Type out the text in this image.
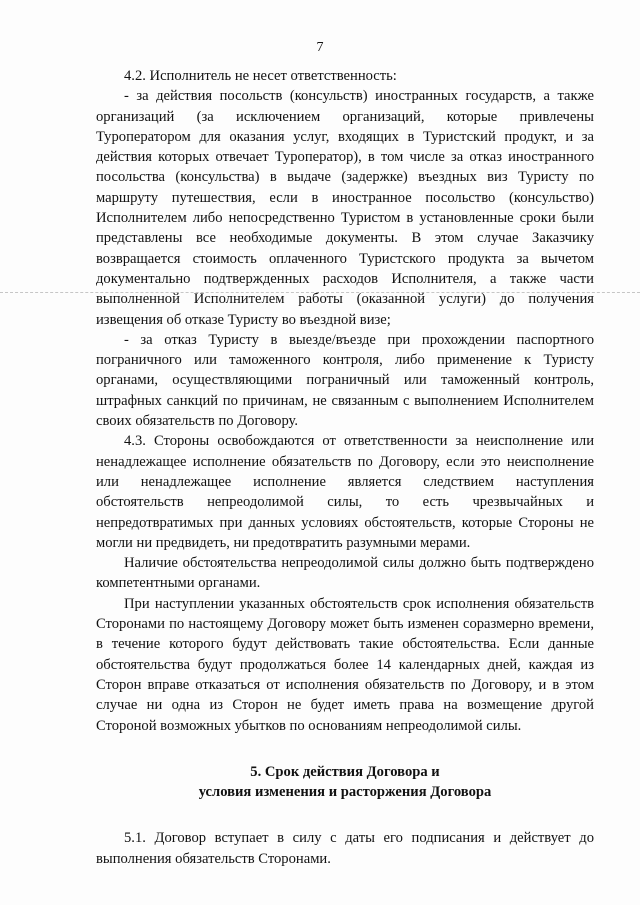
7

4.2. Исполнитель не несет ответственность:

- за действия посольств (консульств) иностранных государств, а также организаций (за исключением организаций, которые привлечены Туроператором для оказания услуг, входящих в Туристский продукт, и за действия которых отвечает Туроператор), в том числе за отказ иностранного посольства (консульства) в выдаче (задержке) въездных виз Туристу по маршруту путешествия, если в иностранное посольство (консульство) Исполнителем либо непосредственно Туристом в установленные сроки были представлены все необходимые документы. В этом случае Заказчику возвращается стоимость оплаченного Туристского продукта за вычетом документально подтвержденных расходов Исполнителя, а также части выполненной Исполнителем работы (оказанной услуги) до получения извещения об отказе Туристу во въездной визе;

- за отказ Туристу в выезде/въезде при прохождении паспортного пограничного или таможенного контроля, либо применение к Туристу органами, осуществляющими пограничный или таможенный контроль, штрафных санкций по причинам, не связанным с выполнением Исполнителем своих обязательств по Договору.

4.3. Стороны освобождаются от ответственности за неисполнение или ненадлежащее исполнение обязательств по Договору, если это неисполнение или ненадлежащее исполнение является следствием наступления обстоятельств непреодолимой силы, то есть чрезвычайных и непредотвратимых при данных условиях обстоятельств, которые Стороны не могли ни предвидеть, ни предотвратить разумными мерами.

Наличие обстоятельства непреодолимой силы должно быть подтверждено компетентными органами.

При наступлении указанных обстоятельств срок исполнения обязательств Сторонами по настоящему Договору может быть изменен соразмерно времени, в течение которого будут действовать такие обстоятельства. Если данные обстоятельства будут продолжаться более 14 календарных дней, каждая из Сторон вправе отказаться от исполнения обязательств по Договору, и в этом случае ни одна из Сторон не будет иметь права на возмещение другой Стороной возможных убытков по основаниям непреодолимой силы.

5. Срок действия Договора и

условия изменения и расторжения Договора

5.1. Договор вступает в силу с даты его подписания и действует до выполнения обязательств Сторонами.
